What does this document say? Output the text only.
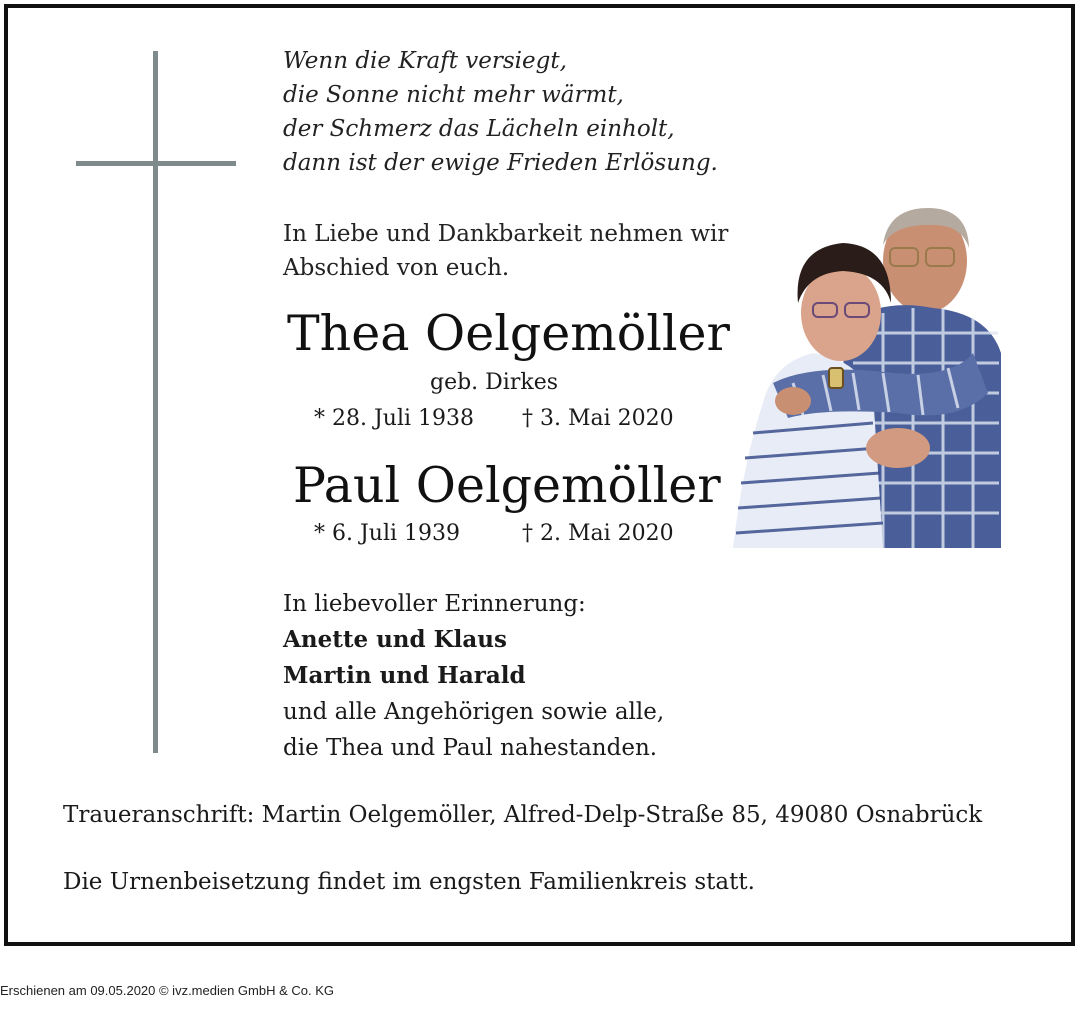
Wenn die Kraft versiegt,
die Sonne nicht mehr wärmt,
der Schmerz das Lächeln einholt,
dann ist der ewige Frieden Erlösung.
In Liebe und Dankbarkeit nehmen wir
Abschied von euch.
Thea Oelgemöller
geb. Dirkes
* 28. Juli 1938 † 3. Mai 2020
Paul Oelgemöller
* 6. Juli 1939	† 2. Mai 2020
In liebevoller Erinnerung:
Anette und Klaus
Martin und Harald
und alle Angehörigen sowie alle,
die Thea und Paul nahestanden.
Traueranschrift: Martin Oelgemöller, Alfred-Delp-Straße 85, 49080 Osnabrück
Die Urnenbeisetzung findet im engsten Familienkreis statt.
Erschienen am 09.05.2020 © ivz.medien GmbH & Co. KG
